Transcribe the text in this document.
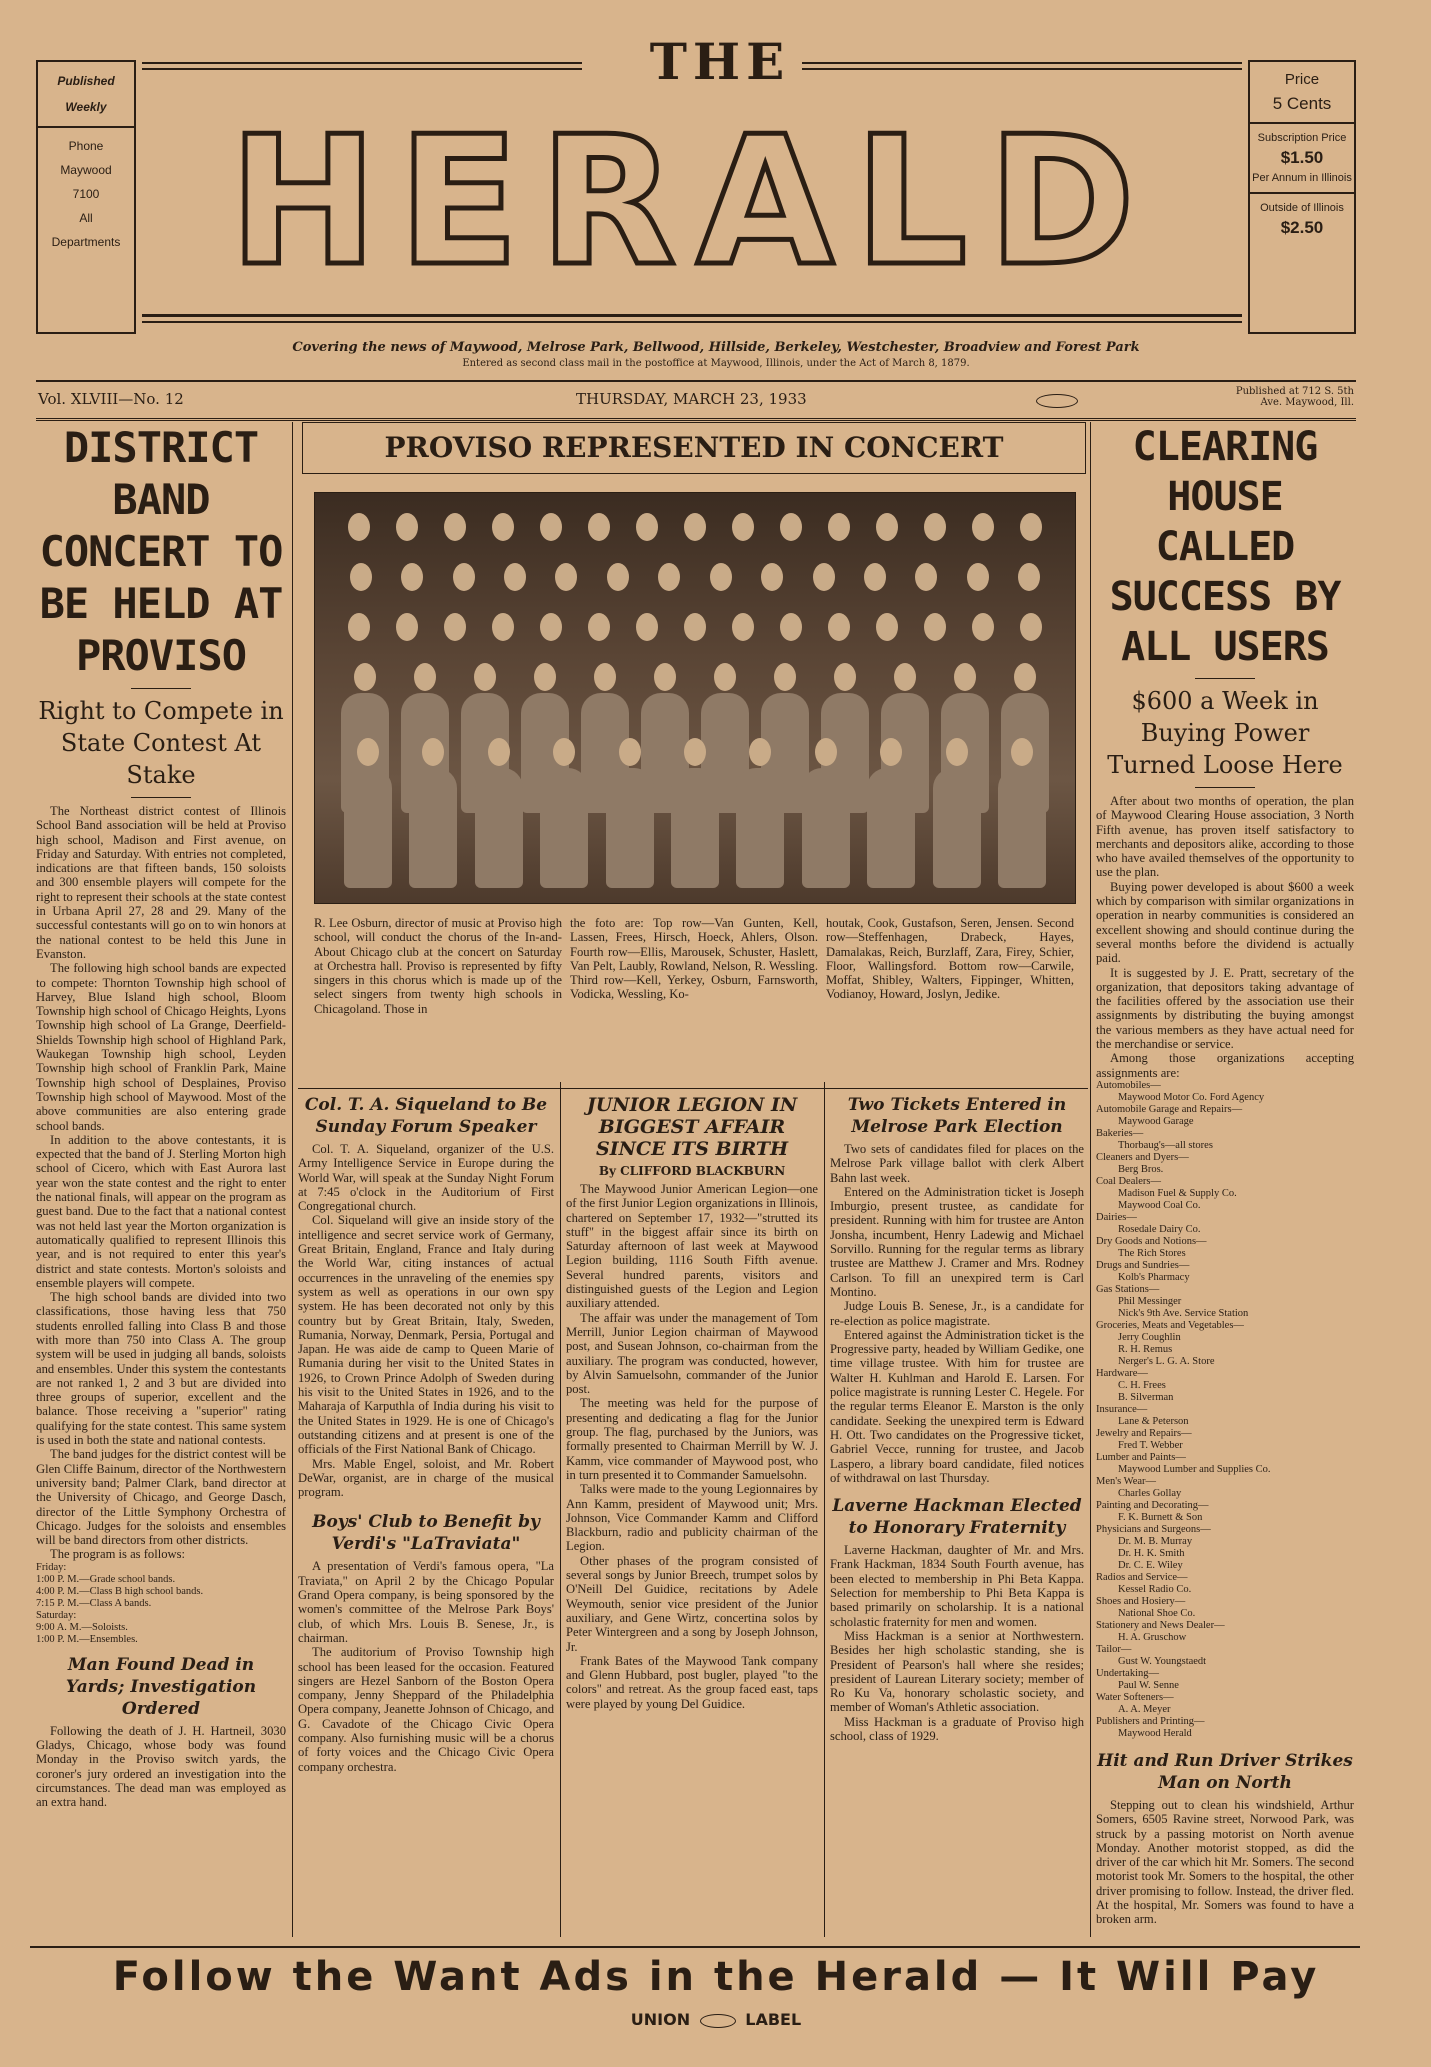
Published
Weekly
Phone
Maywood
7100
All
Departments
THE
HERALD
Price
5 Cents
Subscription Price
$1.50
Per Annum in Illinois
Outside of Illinois
$2.50
Covering the news of Maywood, Melrose Park, Bellwood, Hillside, Berkeley, Westchester, Broadview and Forest Park
Entered as second class mail in the postoffice at Maywood, Illinois, under the Act of March 8, 1879.
Vol. XLVIII—No. 12	THURSDAY, MARCH 23, 1933	Published at 712 S. 5th Ave. Maywood, Ill.
DISTRICT BAND CONCERT TO BE HELD AT PROVISO
Right to Compete in State Contest At Stake

The Northeast district contest of Illinois School Band association will be held at Proviso high school, Madison and First avenue, on Friday and Saturday. With entries not completed, indications are that fifteen bands, 150 soloists and 300 ensemble players will compete for the right to represent their schools at the state contest in Urbana April 27, 28 and 29. Many of the successful contestants will go on to win honors at the national contest to be held this June in Evanston.

The following high school bands are expected to compete: Thornton Township high school of Harvey, Blue Island high school, Bloom Township high school of Chicago Heights, Lyons Township high school of La Grange, Deerfield-Shields Township high school of Highland Park, Waukegan Township high school, Leyden Township high school of Franklin Park, Maine Township high school of Desplaines, Proviso Township high school of Maywood. Most of the above communities are also entering grade school bands.

In addition to the above contestants, it is expected that the band of J. Sterling Morton high school of Cicero, which with East Aurora last year won the state contest and the right to enter the national finals, will appear on the program as guest band. Due to the fact that a national contest was not held last year the Morton organization is automatically qualified to represent Illinois this year, and is not required to enter this year's district and state contests. Morton's soloists and ensemble players will compete.

The high school bands are divided into two classifications, those having less that 750 students enrolled falling into Class B and those with more than 750 into Class A. The group system will be used in judging all bands, soloists and ensembles. Under this system the contestants are not ranked 1, 2 and 3 but are divided into three groups of superior, excellent and the balance. Those receiving a "superior" rating qualifying for the state contest. This same system is used in both the state and national contests.

The band judges for the district contest will be Glen Cliffe Bainum, director of the Northwestern university band; Palmer Clark, band director at the University of Chicago, and George Dasch, director of the Little Symphony Orchestra of Chicago. Judges for the soloists and ensembles will be band directors from other districts.

The program is as follows:

Friday:
1:00 P. M.—Grade school bands.
4:00 P. M.—Class B high school bands.
7:15 P. M.—Class A bands.
Saturday:
9:00 A. M.—Soloists.
1:00 P. M.—Ensembles.
Man Found Dead in Yards; Investigation Ordered

Following the death of J. H. Hartneil, 3030 Gladys, Chicago, whose body was found Monday in the Proviso switch yards, the coroner's jury ordered an investigation into the circumstances. The dead man was employed as an extra hand.

PROVISO REPRESENTED IN CONCERT

R. Lee Osburn, director of music at Proviso high school, will conduct the chorus of the In-and-About Chicago club at the concert on Saturday at Orchestra hall. Proviso is represented by fifty singers in this chorus which is made up of the select singers from twenty high schools in Chicagoland. Those in

the foto are: Top row—Van Gunten, Kell, Lassen, Frees, Hirsch, Hoeck, Ahlers, Olson. Fourth row—Ellis, Marousek, Schuster, Haslett, Van Pelt, Laubly, Rowland, Nelson, R. Wessling. Third row—Kell, Yerkey, Osburn, Farnsworth, Vodicka, Wessling, Ko-

houtak, Cook, Gustafson, Seren, Jensen. Second row—Steffenhagen, Drabeck, Hayes, Damalakas, Reich, Burzlaff, Zara, Firey, Schier, Floor, Wallingsford. Bottom row—Carwile, Moffat, Shibley, Walters, Fippinger, Whitten, Vodianoy, Howard, Joslyn, Jedike.

Col. T. A. Siqueland to Be Sunday Forum Speaker

Col. T. A. Siqueland, organizer of the U.S. Army Intelligence Service in Europe during the World War, will speak at the Sunday Night Forum at 7:45 o'clock in the Auditorium of First Congregational church.

Col. Siqueland will give an inside story of the intelligence and secret service work of Germany, Great Britain, England, France and Italy during the World War, citing instances of actual occurrences in the unraveling of the enemies spy system as well as operations in our own spy system. He has been decorated not only by this country but by Great Britain, Italy, Sweden, Rumania, Norway, Denmark, Persia, Portugal and Japan. He was aide de camp to Queen Marie of Rumania during her visit to the United States in 1926, to Crown Prince Adolph of Sweden during his visit to the United States in 1926, and to the Maharaja of Karputhla of India during his visit to the United States in 1929. He is one of Chicago's outstanding citizens and at present is one of the officials of the First National Bank of Chicago.

Mrs. Mable Engel, soloist, and Mr. Robert DeWar, organist, are in charge of the musical program.

Boys' Club to Benefit by Verdi's "LaTraviata"

A presentation of Verdi's famous opera, "La Traviata," on April 2 by the Chicago Popular Grand Opera company, is being sponsored by the women's committee of the Melrose Park Boys' club, of which Mrs. Louis B. Senese, Jr., is chairman.

The auditorium of Proviso Township high school has been leased for the occasion. Featured singers are Hezel Sanborn of the Boston Opera company, Jenny Sheppard of the Philadelphia Opera company, Jeanette Johnson of Chicago, and G. Cavadote of the Chicago Civic Opera company. Also furnishing music will be a chorus of forty voices and the Chicago Civic Opera company orchestra.

JUNIOR LEGION IN BIGGEST AFFAIR SINCE ITS BIRTH
By CLIFFORD BLACKBURN

The Maywood Junior American Legion—one of the first Junior Legion organizations in Illinois, chartered on September 17, 1932—"strutted its stuff" in the biggest affair since its birth on Saturday afternoon of last week at Maywood Legion building, 1116 South Fifth avenue. Several hundred parents, visitors and distinguished guests of the Legion and Legion auxiliary attended.

The affair was under the management of Tom Merrill, Junior Legion chairman of Maywood post, and Susean Johnson, co-chairman from the auxiliary. The program was conducted, however, by Alvin Samuelsohn, commander of the Junior post.

The meeting was held for the purpose of presenting and dedicating a flag for the Junior group. The flag, purchased by the Juniors, was formally presented to Chairman Merrill by W. J. Kamm, vice commander of Maywood post, who in turn presented it to Commander Samuelsohn.

Talks were made to the young Legionnaires by Ann Kamm, president of Maywood unit; Mrs. Johnson, Vice Commander Kamm and Clifford Blackburn, radio and publicity chairman of the Legion.

Other phases of the program consisted of several songs by Junior Breech, trumpet solos by O'Neill Del Guidice, recitations by Adele Weymouth, senior vice president of the Junior auxiliary, and Gene Wirtz, concertina solos by Peter Wintergreen and a song by Joseph Johnson, Jr.

Frank Bates of the Maywood Tank company and Glenn Hubbard, post bugler, played "to the colors" and retreat. As the group faced east, taps were played by young Del Guidice.

Two Tickets Entered in Melrose Park Election

Two sets of candidates filed for places on the Melrose Park village ballot with clerk Albert Bahn last week.

Entered on the Administration ticket is Joseph Imburgio, present trustee, as candidate for president. Running with him for trustee are Anton Jonsha, incumbent, Henry Ladewig and Michael Sorvillo. Running for the regular terms as library trustee are Matthew J. Cramer and Mrs. Rodney Carlson. To fill an unexpired term is Carl Montino.

Judge Louis B. Senese, Jr., is a candidate for re-election as police magistrate.

Entered against the Administration ticket is the Progressive party, headed by William Gedike, one time village trustee. With him for trustee are Walter H. Kuhlman and Harold E. Larsen. For police magistrate is running Lester C. Hegele. For the regular terms Eleanor E. Marston is the only candidate. Seeking the unexpired term is Edward H. Ott. Two candidates on the Progressive ticket, Gabriel Vecce, running for trustee, and Jacob Laspero, a library board candidate, filed notices of withdrawal on last Thursday.

Laverne Hackman Elected to Honorary Fraternity

Laverne Hackman, daughter of Mr. and Mrs. Frank Hackman, 1834 South Fourth avenue, has been elected to membership in Phi Beta Kappa. Selection for membership to Phi Beta Kappa is based primarily on scholarship. It is a national scholastic fraternity for men and women.

Miss Hackman is a senior at Northwestern. Besides her high scholastic standing, she is President of Pearson's hall where she resides; president of Laurean Literary society; member of Ro Ku Va, honorary scholastic society, and member of Woman's Athletic association.

Miss Hackman is a graduate of Proviso high school, class of 1929.

CLEARING HOUSE CALLED SUCCESS BY ALL USERS
$600 a Week in Buying Power Turned Loose Here

After about two months of operation, the plan of Maywood Clearing House association, 3 North Fifth avenue, has proven itself satisfactory to merchants and depositors alike, according to those who have availed themselves of the opportunity to use the plan.

Buying power developed is about $600 a week which by comparison with similar organizations in operation in nearby communities is considered an excellent showing and should continue during the several months before the dividend is actually paid.

It is suggested by J. E. Pratt, secretary of the organization, that depositors taking advantage of the facilities offered by the association use their assignments by distributing the buying amongst the various members as they have actual need for the merchandise or service.

Among those organizations accepting assignments are:

Automobiles—
Maywood Motor Co. Ford Agency
Automobile Garage and Repairs—
Maywood Garage
Bakeries—
Thorbaug's—all stores
Cleaners and Dyers—
Berg Bros.
Coal Dealers—
Madison Fuel & Supply Co.
Maywood Coal Co.
Dairies—
Rosedale Dairy Co.
Dry Goods and Notions—
The Rich Stores
Drugs and Sundries—
Kolb's Pharmacy
Gas Stations—
Phil Messinger
Nick's 9th Ave. Service Station
Groceries, Meats and Vegetables—
Jerry Coughlin
R. H. Remus
Nerger's L. G. A. Store
Hardware—
C. H. Frees
B. Silverman
Insurance—
Lane & Peterson
Jewelry and Repairs—
Fred T. Webber
Lumber and Paints—
Maywood Lumber and Supplies Co.
Men's Wear—
Charles Gollay
Painting and Decorating—
F. K. Burnett & Son
Physicians and Surgeons—
Dr. M. B. Murray
Dr. H. K. Smith
Dr. C. E. Wiley
Radios and Service—
Kessel Radio Co.
Shoes and Hosiery—
National Shoe Co.
Stationery and News Dealer—
H. A. Gruschow
Tailor—
Gust W. Youngstaedt
Undertaking—
Paul W. Senne
Water Softeners—
A. A. Meyer
Publishers and Printing—
Maywood Herald
Hit and Run Driver Strikes Man on North

Stepping out to clean his windshield, Arthur Somers, 6505 Ravine street, Norwood Park, was struck by a passing motorist on North avenue Monday. Another motorist stopped, as did the driver of the car which hit Mr. Somers. The second motorist took Mr. Somers to the hospital, the other driver promising to follow. Instead, the driver fled. At the hospital, Mr. Somers was found to have a broken arm.

Follow the Want Ads in the Herald — It Will Pay
UNION	LABEL
